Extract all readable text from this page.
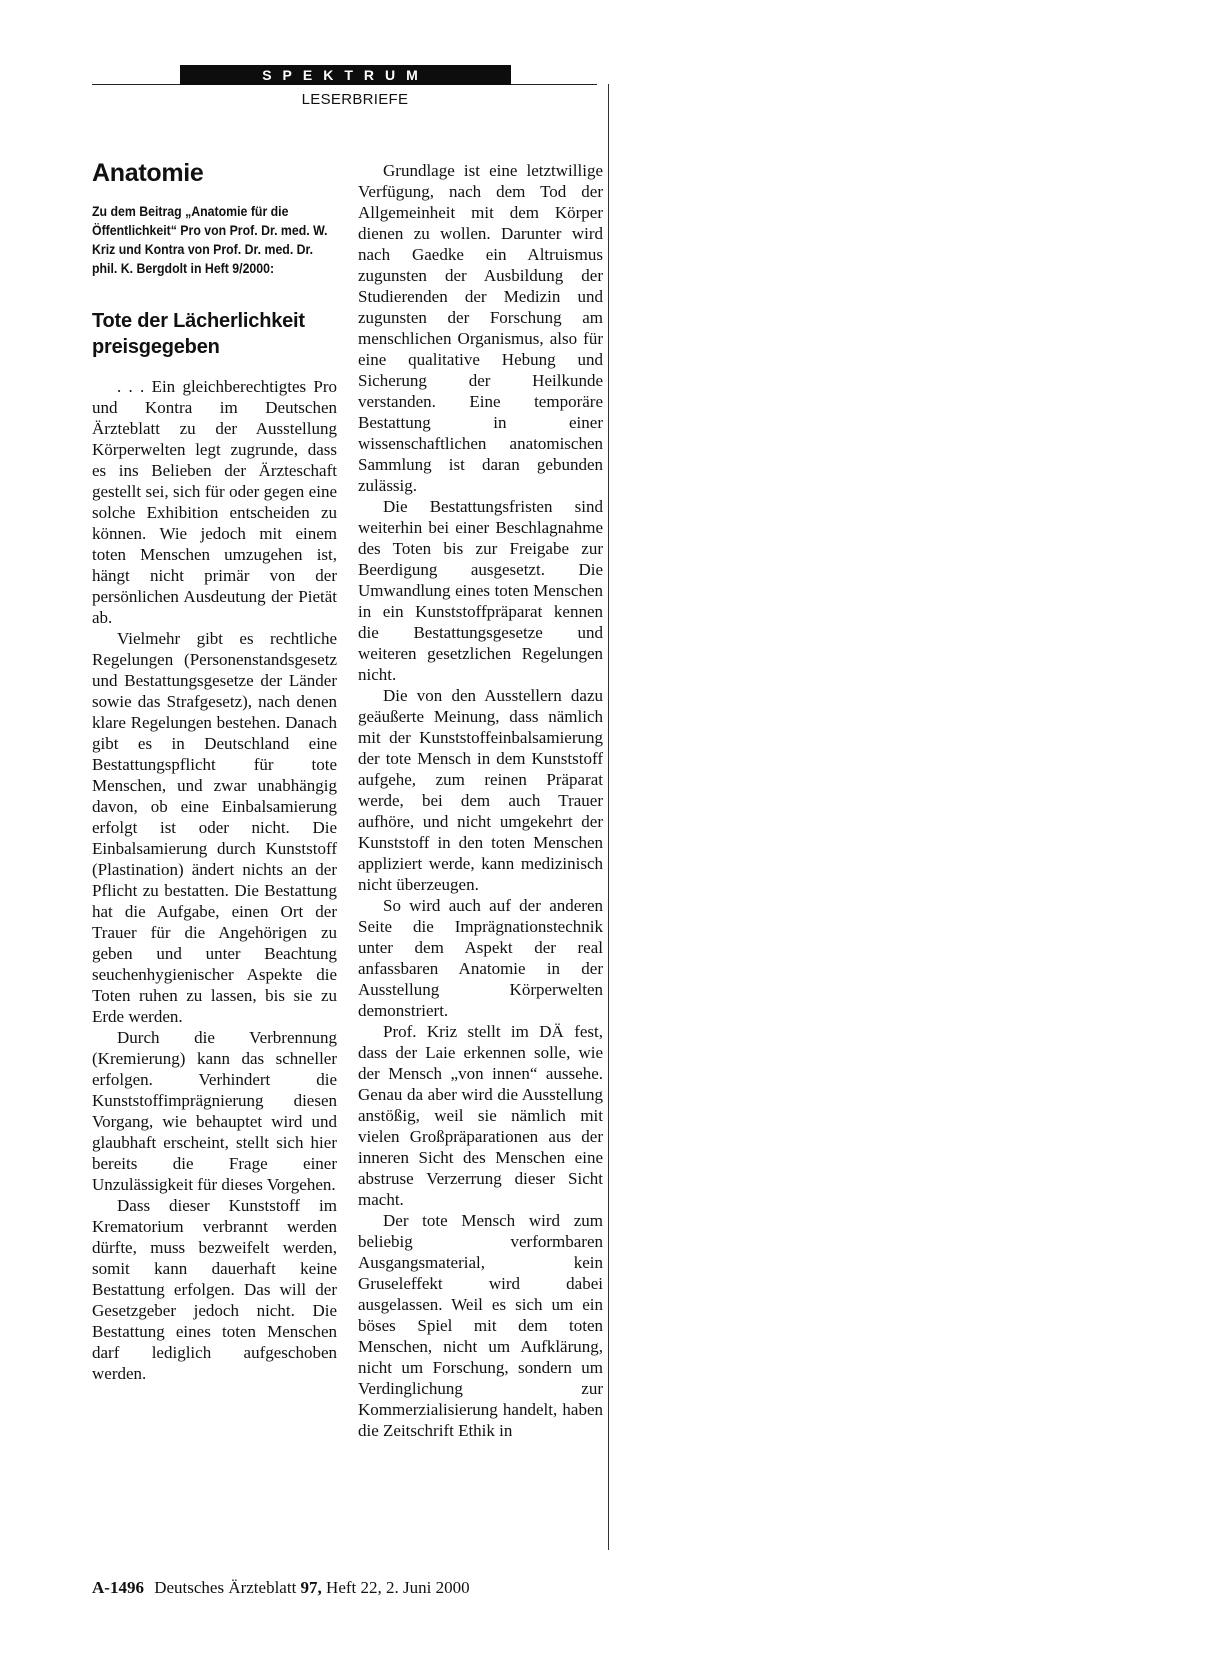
SPEKTRUM
LESERBRIEFE
Anatomie
Zu dem Beitrag „Anatomie für die Öffentlichkeit“ Pro von Prof. Dr. med. W. Kriz und Kontra von Prof. Dr. med. Dr. phil. K. Bergdolt in Heft 9/2000:
Tote der Lächerlichkeit preisgegeben

. . . Ein gleichberechtigtes Pro und Kontra im Deutschen Ärzteblatt zu der Ausstellung Körperwelten legt zugrunde, dass es ins Belieben der Ärzteschaft gestellt sei, sich für oder gegen eine solche Exhibition entscheiden zu können. Wie jedoch mit einem toten Menschen umzugehen ist, hängt nicht primär von der persönlichen Ausdeutung der Pietät ab.

Vielmehr gibt es rechtliche Regelungen (Personenstandsgesetz und Bestattungsgesetze der Länder sowie das Strafgesetz), nach denen klare Regelungen bestehen. Danach gibt es in Deutschland eine Bestattungspflicht für tote Menschen, und zwar unabhängig davon, ob eine Einbalsamierung erfolgt ist oder nicht. Die Einbalsamierung durch Kunststoff (Plastination) ändert nichts an der Pflicht zu bestatten. Die Bestattung hat die Aufgabe, einen Ort der Trauer für die Angehörigen zu geben und unter Beachtung seuchenhygienischer Aspekte die Toten ruhen zu lassen, bis sie zu Erde werden.

Durch die Verbrennung (Kremierung) kann das schneller erfolgen. Verhindert die Kunststoffimprägnierung diesen Vorgang, wie behauptet wird und glaubhaft erscheint, stellt sich hier bereits die Frage einer Unzulässigkeit für dieses Vorgehen.

Dass dieser Kunststoff im Krematorium verbrannt werden dürfte, muss bezweifelt werden, somit kann dauerhaft keine Bestattung erfolgen. Das will der Gesetzgeber jedoch nicht. Die Bestattung eines toten Menschen darf lediglich aufgeschoben werden.

Grundlage ist eine letztwillige Verfügung, nach dem Tod der Allgemeinheit mit dem Körper dienen zu wollen. Darunter wird nach Gaedke ein Altruismus zugunsten der Ausbildung der Studierenden der Medizin und zugunsten der Forschung am menschlichen Organismus, also für eine qualitative Hebung und Sicherung der Heilkunde verstanden. Eine temporäre Bestattung in einer wissenschaftlichen anatomischen Sammlung ist daran gebunden zulässig.

Die Bestattungsfristen sind weiterhin bei einer Beschlagnahme des Toten bis zur Freigabe zur Beerdigung ausgesetzt. Die Umwandlung eines toten Menschen in ein Kunststoffpräparat kennen die Bestattungsgesetze und weiteren gesetzlichen Regelungen nicht.

Die von den Ausstellern dazu geäußerte Meinung, dass nämlich mit der Kunststoffeinbalsamierung der tote Mensch in dem Kunststoff aufgehe, zum reinen Präparat werde, bei dem auch Trauer aufhöre, und nicht umgekehrt der Kunststoff in den toten Menschen appliziert werde, kann medizinisch nicht überzeugen.

So wird auch auf der anderen Seite die Imprägnationstechnik unter dem Aspekt der real anfassbaren Anatomie in der Ausstellung Körperwelten demonstriert.

Prof. Kriz stellt im DÄ fest, dass der Laie erkennen solle, wie der Mensch „von innen“ aussehe. Genau da aber wird die Ausstellung anstößig, weil sie nämlich mit vielen Großpräparationen aus der inneren Sicht des Menschen eine abstruse Verzerrung dieser Sicht macht.

Der tote Mensch wird zum beliebig verformbaren Ausgangsmaterial, kein Gruseleffekt wird dabei ausgelassen. Weil es sich um ein böses Spiel mit dem toten Menschen, nicht um Aufklärung, nicht um Forschung, sondern um Verdinglichung zur Kommerzialisierung handelt, haben die Zeitschrift Ethik in

A-1496 Deutsches Ärzteblatt 97, Heft 22, 2. Juni 2000
